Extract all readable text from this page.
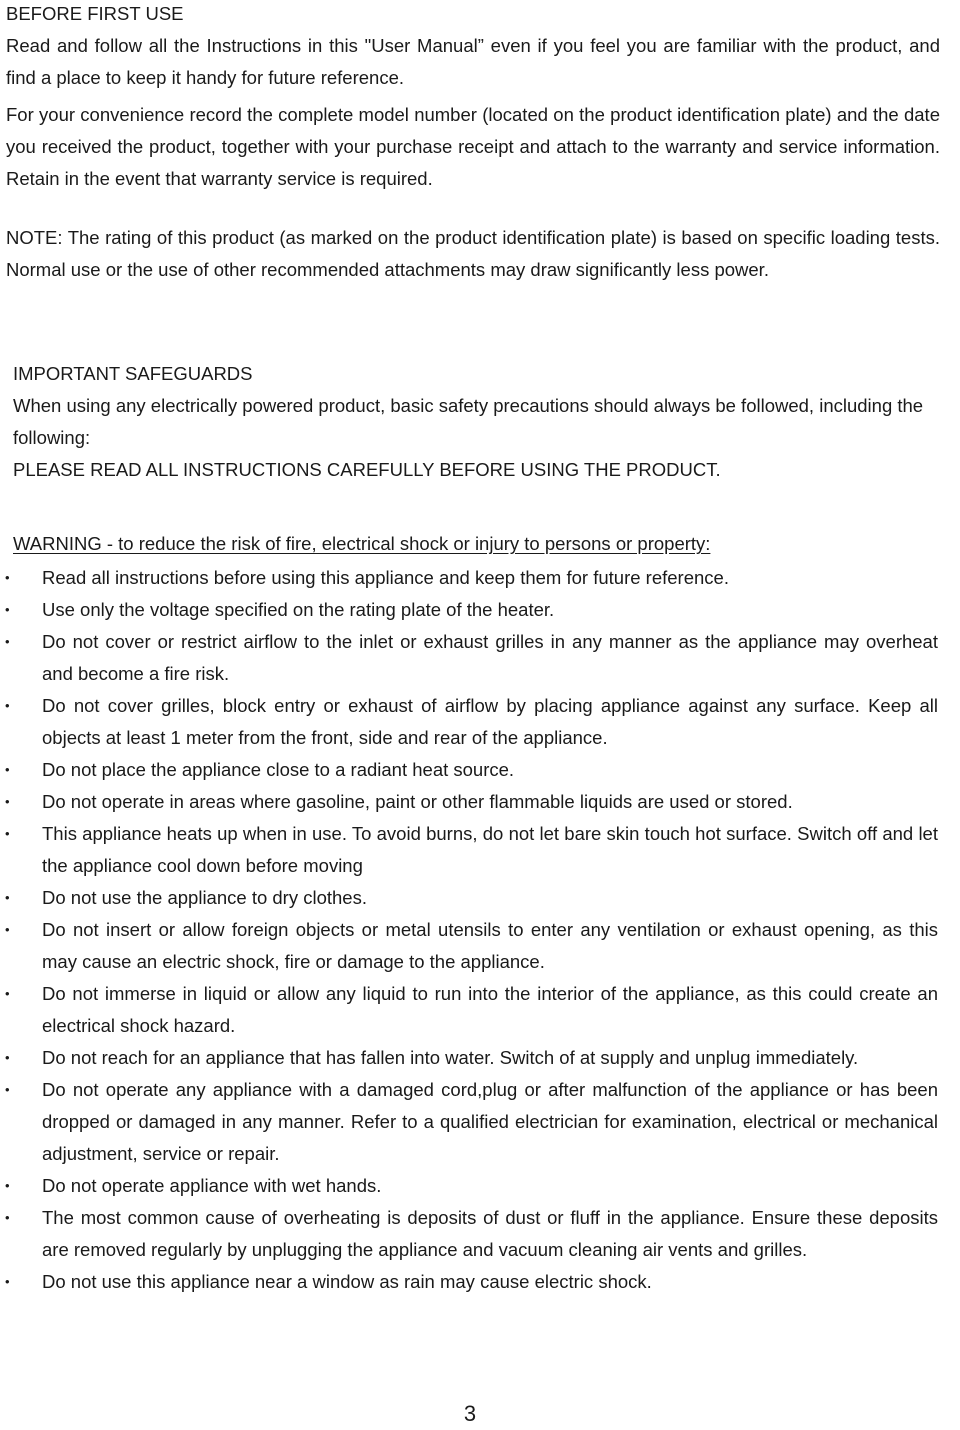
BEFORE FIRST USE

Read and follow all the Instructions in this "User Manual” even if you feel you are familiar with the product, and find a place to keep it handy for future reference.

For your convenience record the complete model number (located on the product identification plate) and the date you received the product, together with your purchase receipt and attach to the warranty and service information. Retain in the event that warranty service is required.

NOTE: The rating of this product (as marked on the product identification plate) is based on specific loading tests. Normal use or the use of other recommended attachments may draw significantly less power.

IMPORTANT SAFEGUARDS

When using any electrically powered product, basic safety precautions should always be followed, including the following:

PLEASE READ ALL INSTRUCTIONS CAREFULLY BEFORE USING THE PRODUCT.

WARNING - to reduce the risk of fire, electrical shock or injury to persons or property:
• Read all instructions before using this appliance and keep them for future reference.
• Use only the voltage specified on the rating plate of the heater.
• Do not cover or restrict airflow to the inlet or exhaust grilles in any manner as the appliance may overheat and become a fire risk.
• Do not cover grilles, block entry or exhaust of airflow by placing appliance against any surface. Keep all objects at least 1 meter from the front, side and rear of the appliance.
• Do not place the appliance close to a radiant heat source.
• Do not operate in areas where gasoline, paint or other flammable liquids are used or stored.
• This appliance heats up when in use. To avoid burns, do not let bare skin touch hot surface. Switch off and let the appliance cool down before moving
• Do not use the appliance to dry clothes.
• Do not insert or allow foreign objects or metal utensils to enter any ventilation or exhaust opening, as this may cause an electric shock, fire or damage to the appliance.
• Do not immerse in liquid or allow any liquid to run into the interior of the appliance, as this could create an electrical shock hazard.
• Do not reach for an appliance that has fallen into water. Switch of at supply and unplug immediately.
• Do not operate any appliance with a damaged cord,plug or after malfunction of the appliance or has been dropped or damaged in any manner. Refer to a qualified electrician for examination, electrical or mechanical adjustment, service or repair.
• Do not operate appliance with wet hands.
• The most common cause of overheating is deposits of dust or fluff in the appliance. Ensure these deposits are removed regularly by unplugging the appliance and vacuum cleaning air vents and grilles.
• Do not use this appliance near a window as rain may cause electric shock.
3
